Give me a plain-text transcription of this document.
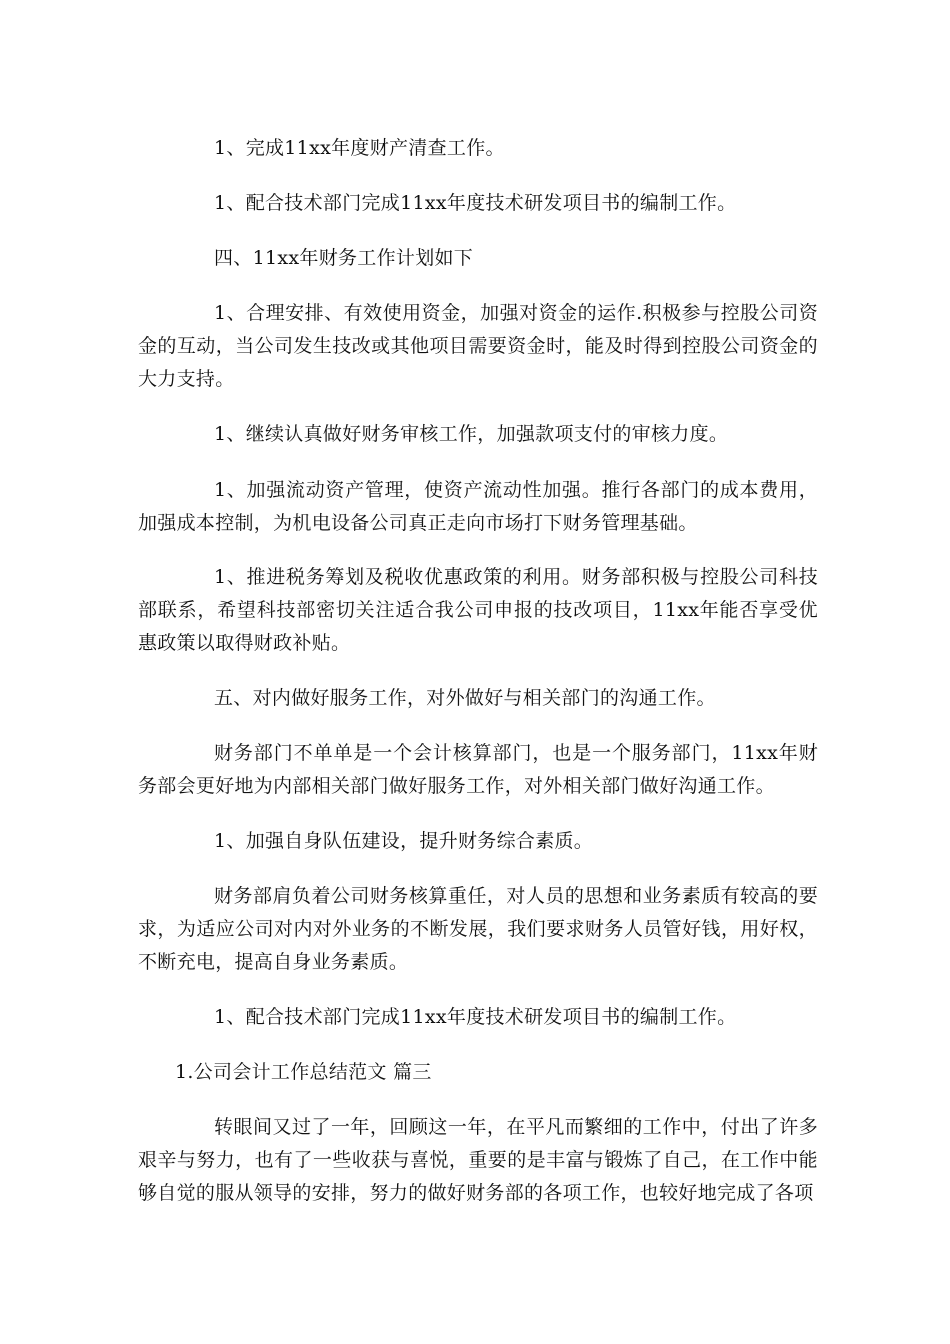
1、完成11xx年度财产清查工作。

1、配合技术部门完成11xx年度技术研发项目书的编制工作。

四、11xx年财务工作计划如下

1、合理安排、有效使用资金，加强对资金的运作.积极参与控股公司资金的互动，当公司发生技改或其他项目需要资金时，能及时得到控股公司资金的大力支持。

1、继续认真做好财务审核工作，加强款项支付的审核力度。

1、加强流动资产管理，使资产流动性加强。推行各部门的成本费用，加强成本控制，为机电设备公司真正走向市场打下财务管理基础。

1、推进税务筹划及税收优惠政策的利用。财务部积极与控股公司科技部联系，希望科技部密切关注适合我公司申报的技改项目，11xx年能否享受优惠政策以取得财政补贴。

五、对内做好服务工作，对外做好与相关部门的沟通工作。

财务部门不单单是一个会计核算部门，也是一个服务部门，11xx年财务部会更好地为内部相关部门做好服务工作，对外相关部门做好沟通工作。

1、加强自身队伍建设，提升财务综合素质。

财务部肩负着公司财务核算重任，对人员的思想和业务素质有较高的要求，为适应公司对内对外业务的不断发展，我们要求财务人员管好钱，用好权，不断充电，提高自身业务素质。

1、配合技术部门完成11xx年度技术研发项目书的编制工作。

1.公司会计工作总结范文 篇三

转眼间又过了一年，回顾这一年，在平凡而繁细的工作中，付出了许多艰辛与努力，也有了一些收获与喜悦，重要的是丰富与锻炼了自己，在工作中能够自觉的服从领导的安排，努力的做好财务部的各项工作，也较好地完成了各项
